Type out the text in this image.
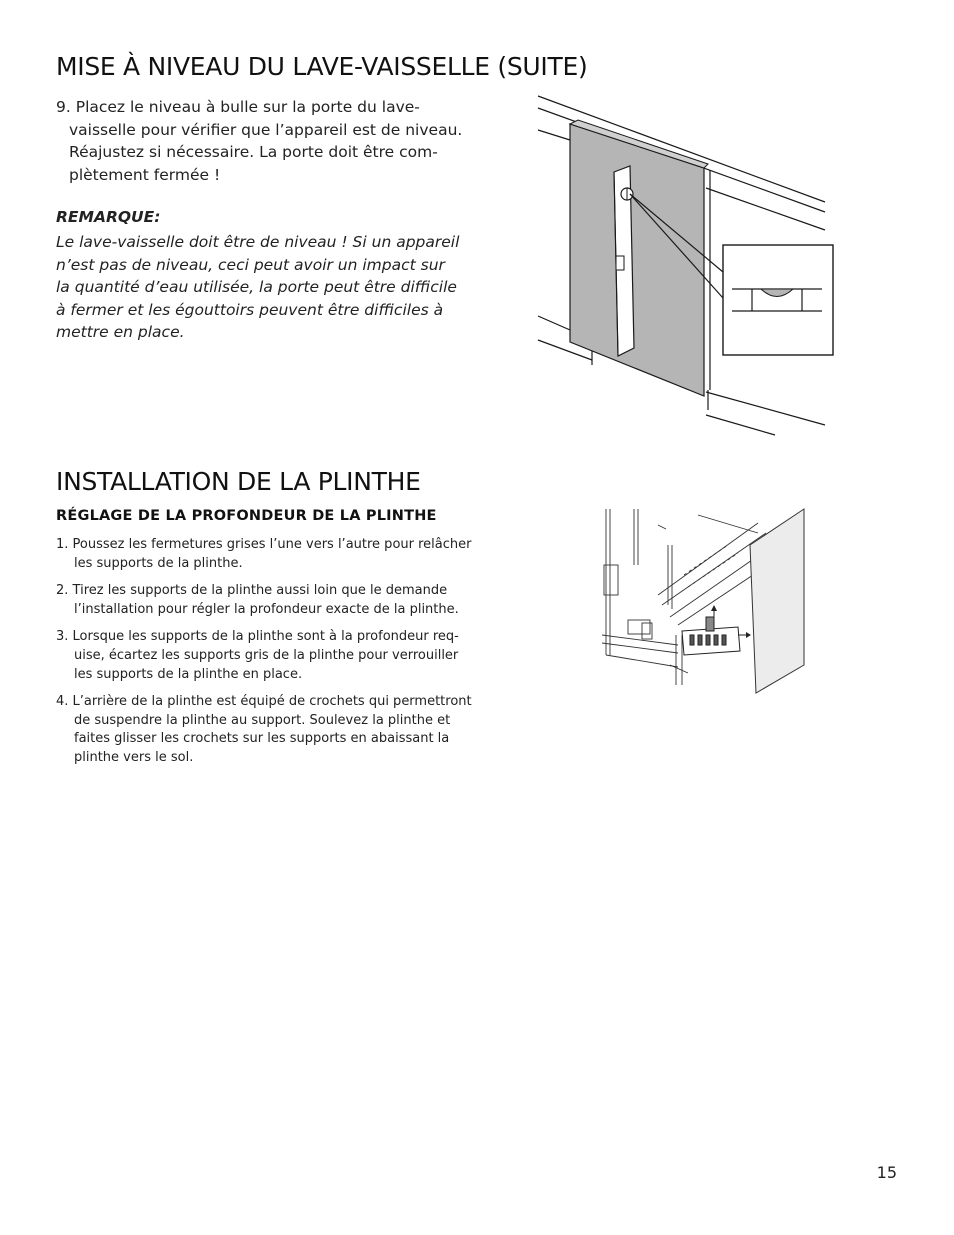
MISE À NIVEAU DU LAVE-VAISSELLE (SUITE)
9. Placez le niveau à bulle sur la porte du lave-
vaisselle pour vérifier que l’appareil est de niveau.
Réajustez si nécessaire. La porte doit être com-
plètement fermée !
REMARQUE:
Le lave-vaisselle doit être de niveau ! Si un appareil
n’est pas de niveau, ceci peut avoir un impact sur
la quantité d’eau utilisée, la porte peut être difficile
à fermer et les égouttoirs peuvent être difficiles à
mettre en place.
INSTALLATION DE LA PLINTHE
RÉGLAGE DE LA PROFONDEUR DE LA PLINTHE
1. Poussez les fermetures grises l’une vers l’autre pour relâcher
les supports de la plinthe.
2. Tirez les supports de la plinthe aussi loin que le demande
l’installation pour régler la profondeur exacte de la plinthe.
3. Lorsque les supports de la plinthe sont à la profondeur req-
uise, écartez les supports gris de la plinthe pour verrouiller
les supports de la plinthe en place.
4. L’arrière de la plinthe est équipé de crochets qui permettront
de suspendre la plinthe au support. Soulevez la plinthe et
faites glisser les crochets sur les supports en abaissant la
plinthe vers le sol.
15
